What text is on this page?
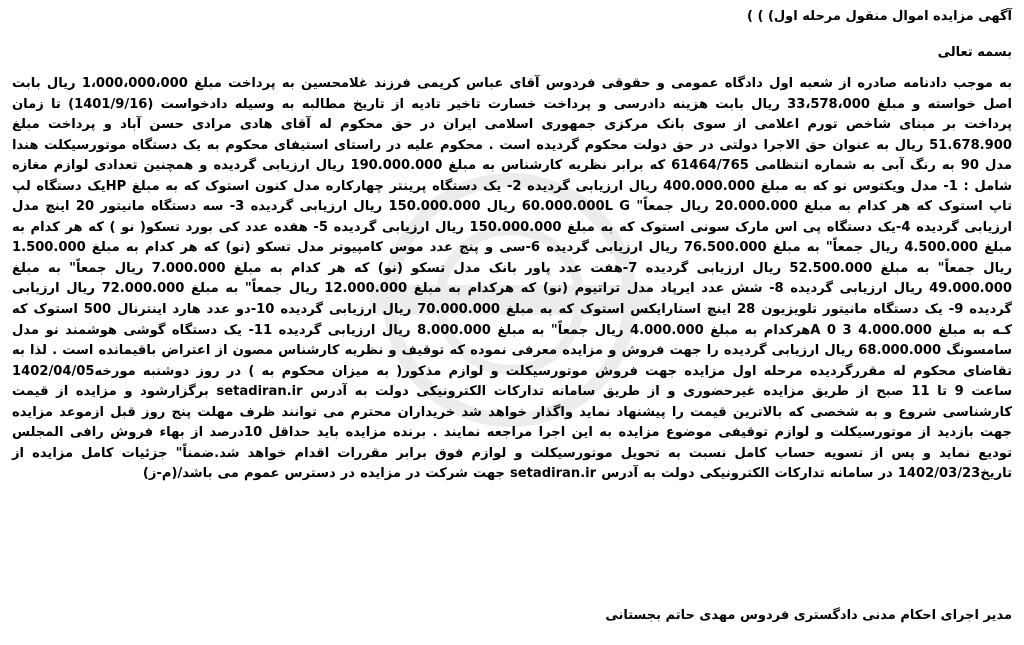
آگهی مزایده اموال منقول مرحله اول) ) )

بسمه تعالی

به موجب دادنامه صادره از شعبه اول دادگاه عمومی و حقوقی فردوس آقای عباس کریمی فرزند غلامحسین به پرداخت مبلغ 1،000،000،000 ریال بابت اصل خواسته و مبلغ 33،578،000 ریال بابت هزینه دادرسی و پرداخت خسارت تاخیر تادیه از تاریخ مطالبه به وسیله دادخواست (1401/9/16) تا زمان پرداخت بر مبنای شاخص تورم اعلامی از سوی بانک مرکزی جمهوری اسلامی ایران در حق محکوم له آقای هادی مرادی حسن آباد و پرداخت مبلغ 51.678.900 ریال به عنوان حق الاجرا دولتی در حق دولت محکوم گردیده است . محکوم علیه در راستای استیفای محکوم به یک دستگاه موتورسیکلت هندا مدل 90 به رنگ آبی به شماره انتظامی 61464/765 که برابر نظریه کارشناس به مبلغ 190.000.000 ریال ارزیابی گردیده و همچنین تعدادی لوازم مغازه شامل : 1- مدل ویکتوس نو که به مبلغ 400.000.000 ریال ارزیابی گردیده 2- یک دستگاه پرینتر چهارکاره مدل کنون استوک که به مبلغ HPیک دستگاه لپ تاپ استوک که هر کدام به مبلغ 20.000.000 ریال جمعاً" 60.000.000L G ریال 150.000.000 ریال ارزیابی گردیده 3- سه دستگاه مانیتور 20 اینچ مدل ارزیابی گردیده 4-یک دستگاه پی اس مارک سونی استوک که به مبلغ 150.000.000 ریال ارزیابی گردیده 5- هفده عدد کی بورد تسکو( نو ) که هر کدام به مبلغ 4.500.000 ریال جمعاً" به مبلغ 76.500.000 ریال ارزیابی گردیده 6-سی و پنج عدد موس کامپیوتر مدل تسکو (نو) که هر کدام به مبلغ 1.500.000 ریال جمعاً" به مبلغ 52.500.000 ریال ارزیابی گردیده 7-هفت عدد پاور بانک مدل تسکو (نو) که هر کدام به مبلغ 7.000.000 ریال جمعاً" به مبلغ 49.000.000 ریال ارزیابی گردیده 8- شش عدد ایرپاد مدل تراتیوم (نو) که هرکدام به مبلغ 12.000.000 ریال جمعاً" به مبلغ 72.000.000 ریال ارزیابی گردیده 9- یک دستگاه مانیتور تلویزیون 28 اینچ استارایکس استوک که به مبلغ 70.000.000 ریال ارزیابی گردیده 10-دو عدد هارد اینترنال 500 استوک که کـه به مبلغ 4.000.000 A 0 3هرکدام به مبلغ 4.000.000 ریال جمعاً" به مبلغ 8.000.000 ریال ارزیابی گردیده 11- یک دستگاه گوشی هوشمند نو مدل سامسونگ 68.000.000 ریال ارزیابی گردیده را جهت فروش و مزایده معرفی نموده که توقیف و نظریه کارشناس مصون از اعتراض باقیمانده است . لذا به تقاضای محکوم له مقررگردیده مرحله اول مزایده جهت فروش موتورسیکلت و لوازم مذکور( به میزان محکوم به ) در روز دوشنبه مورخه1402/04/05 ساعت 9 تا 11 صبح از طریق مزایده غیرحضوری و از طریق سامانه تدارکات الکترونیکی دولت به آدرس setadiran.ir برگزارشود و مزایده از قیمت کارشناسی شروع و به شخصی که بالاترین قیمت را پیشنهاد نماید واگذار خواهد شد خریداران محترم می توانند ظرف مهلت پنج روز قبل ازموعد مزایده جهت بازدید از موتورسیکلت و لوازم توقیفی موضوع مزایده به این اجرا مراجعه نمایند . برنده مزایده باید حداقل 10درصد از بهاء فروش رافی المجلس تودیع نماید و پس از تسویه حساب کامل نسبت به تحویل موتورسیکلت و لوازم فوق برابر مقررات اقدام خواهد شد.ضمناً" جزئیات کامل مزایده از تاریخ1402/03/23 در سامانه تدارکات الکترونیکی دولت به آدرس setadiran.ir جهت شرکت در مزایده در دسترس عموم می باشد/(م-ز)

مدیر اجرای احکام مدنی دادگستری فردوس مهدی حاتم بجستانی
